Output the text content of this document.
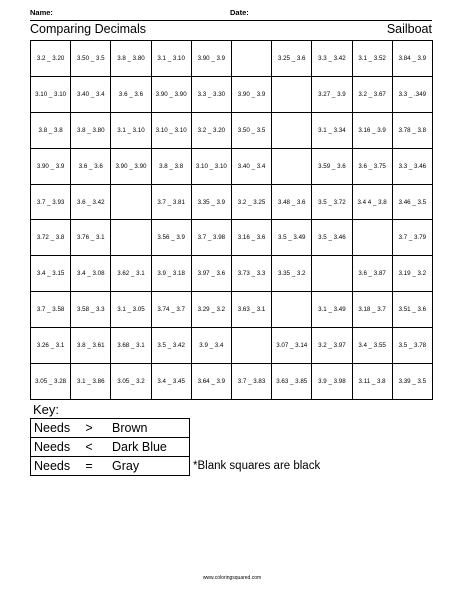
Name:	Date:
Comparing Decimals	Sailboat
3.2 _ 3.20	3.50 _ 3.5	3.8 _ 3.80	3.1 _ 3.10	3.90 _ 3.9		3.25 _ 3.6	3.3 _ 3.42	3.1 _ 3.52	3.84 _ 3.9
3.10 _ 3.10	3.40 _ 3.4	3.6 _ 3.6	3.90 _ 3.90	3.3 _ 3.30	3.90 _ 3.9		3.27 _ 3.9	3.2 _ 3.67	3.3 _ .349
3.8 _ 3.8	3.8 _ 3.80	3.1 _ 3.10	3.10 _ 3.10	3.2 _ 3.20	3.50 _ 3.5		3.1 _ 3.34	3.16 _ 3.9	3.78 _ 3.8
3.90 _ 3.9	3.6 _ 3.6	3.90 _ 3.90	3.8 _ 3.8	3.10 _ 3.10	3.40 _ 3.4		3.59 _ 3.6	3.6 _ 3.75	3.3 _ 3.46
3.7 _ 3.93	3.6 _ 3.42		3.7 _ 3.81	3.35 _ 3.9	3.2 _ 3.25	3.48 _ 3.6	3.5 _ 3.72	3.4 4 _ 3.8	3.46 _ 3.5
3.72 _ 3.8	3.76 _ 3.1		3.56 _ 3.9	3.7 _ 3.98	3.16 _ 3.6	3.5 _ 3.49	3.5 _ 3.46		3.7 _ 3.79
3.4 _ 3.15	3.4 _ 3.08	3.62 _ 3.1	3.9 _ 3.18	3.97 _ 3.6	3.73 _ 3.3	3.35 _ 3.2		3.6 _ 3.87	3.19 _ 3.2
3.7 _ 3.58	3.58 _ 3.3	3.1 _ 3.05	3.74 _ 3.7	3.29 _ 3.2	3.63 _ 3.1		3.1 _ 3.49	3.18 _ 3.7	3.51 _ 3.6
3.26 _ 3.1	3.8 _ 3.61	3.68 _ 3.1	3.5 _ 3.42	3.9 _ 3.4		3.07 _ 3.14	3.2 _ 3.97	3.4 _ 3.55	3.5 _ 3.78
3.05 _ 3.28	3.1 _ 3.86	3.05 _ 3.2	3.4 _ 3.45	3.64 _ 3.9	3.7 _ 3.83	3.63 _ 3.85	3.9 _ 3.98	3.11 _ 3.8	3.39 _ 3.5
Key:
Needs > Brown
Needs < Dark Blue
Needs = Gray	*Blank squares are black
www.coloringsquared.com
